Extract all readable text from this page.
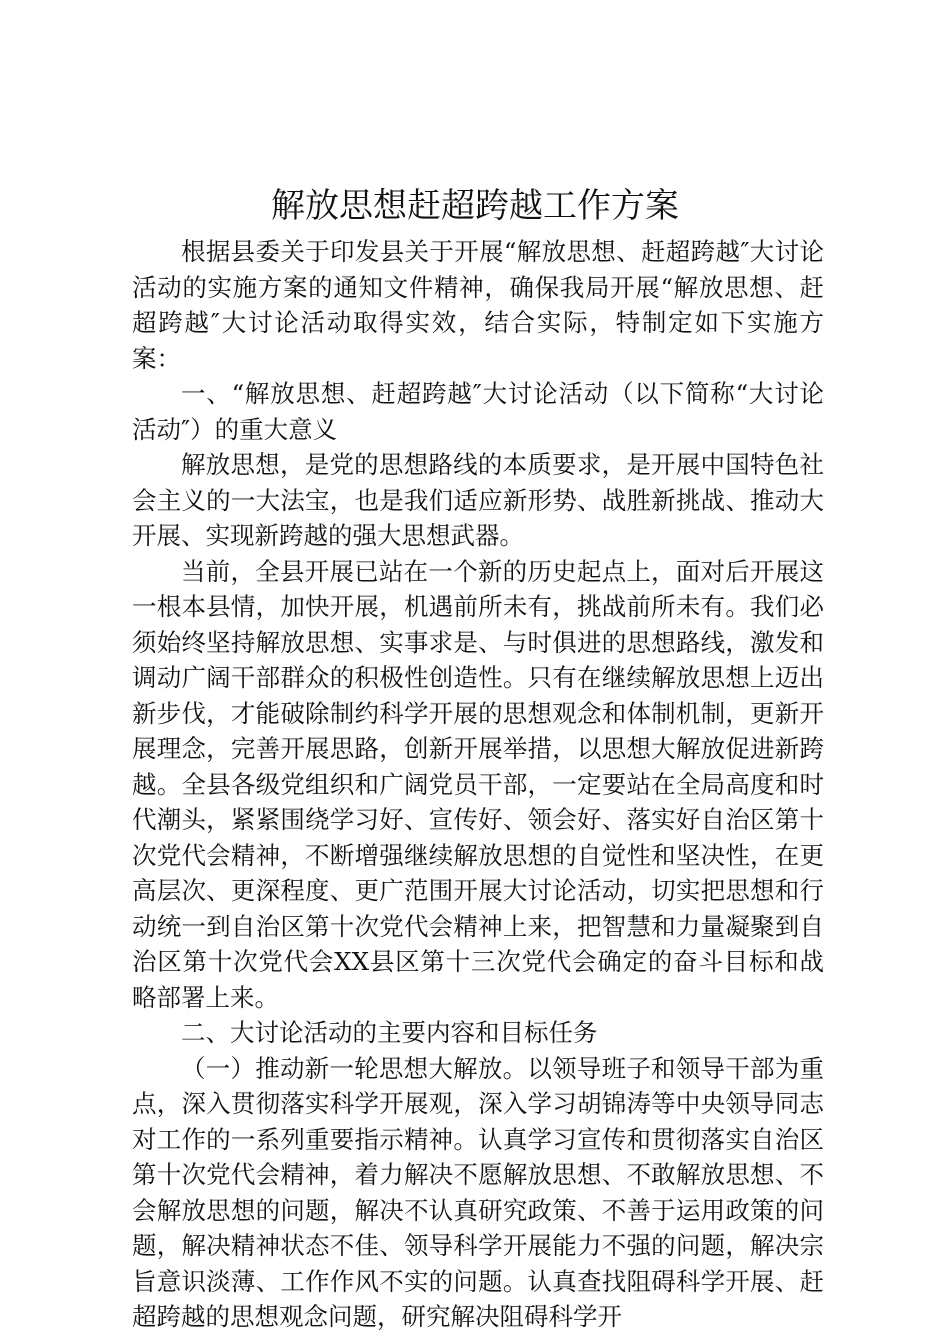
解放思想赶超跨越工作方案

根据县委关于印发县关于开展“解放思想、赶超跨越″大讨论活动的实施方案的通知文件精神，确保我局开展“解放思想、赶超跨越″大讨论活动取得实效，结合实际，特制定如下实施方案：

一、“解放思想、赶超跨越″大讨论活动（以下简称“大讨论活动″）的重大意义

解放思想，是党的思想路线的本质要求，是开展中国特色社会主义的一大法宝，也是我们适应新形势、战胜新挑战、推动大开展、实现新跨越的强大思想武器。

当前，全县开展已站在一个新的历史起点上，面对后开展这一根本县情，加快开展，机遇前所未有，挑战前所未有。我们必须始终坚持解放思想、实事求是、与时俱进的思想路线，激发和调动广阔干部群众的积极性创造性。只有在继续解放思想上迈出新步伐，才能破除制约科学开展的思想观念和体制机制，更新开展理念，完善开展思路，创新开展举措，以思想大解放促进新跨越。全县各级党组织和广阔党员干部，一定要站在全局高度和时代潮头，紧紧围绕学习好、宣传好、领会好、落实好自治区第十次党代会精神，不断增强继续解放思想的自觉性和坚决性，在更高层次、更深程度、更广范围开展大讨论活动，切实把思想和行动统一到自治区第十次党代会精神上来，把智慧和力量凝聚到自治区第十次党代会XX县区第十三次党代会确定的奋斗目标和战略部署上来。

二、大讨论活动的主要内容和目标任务

（一）推动新一轮思想大解放。以领导班子和领导干部为重点，深入贯彻落实科学开展观，深入学习胡锦涛等中央领导同志对工作的一系列重要指示精神。认真学习宣传和贯彻落实自治区第十次党代会精神，着力解决不愿解放思想、不敢解放思想、不会解放思想的问题，解决不认真研究政策、不善于运用政策的问题，解决精神状态不佳、领导科学开展能力不强的问题，解决宗旨意识淡薄、工作作风不实的问题。认真查找阻碍科学开展、赶超跨越的思想观念问题，研究解决阻碍科学开
